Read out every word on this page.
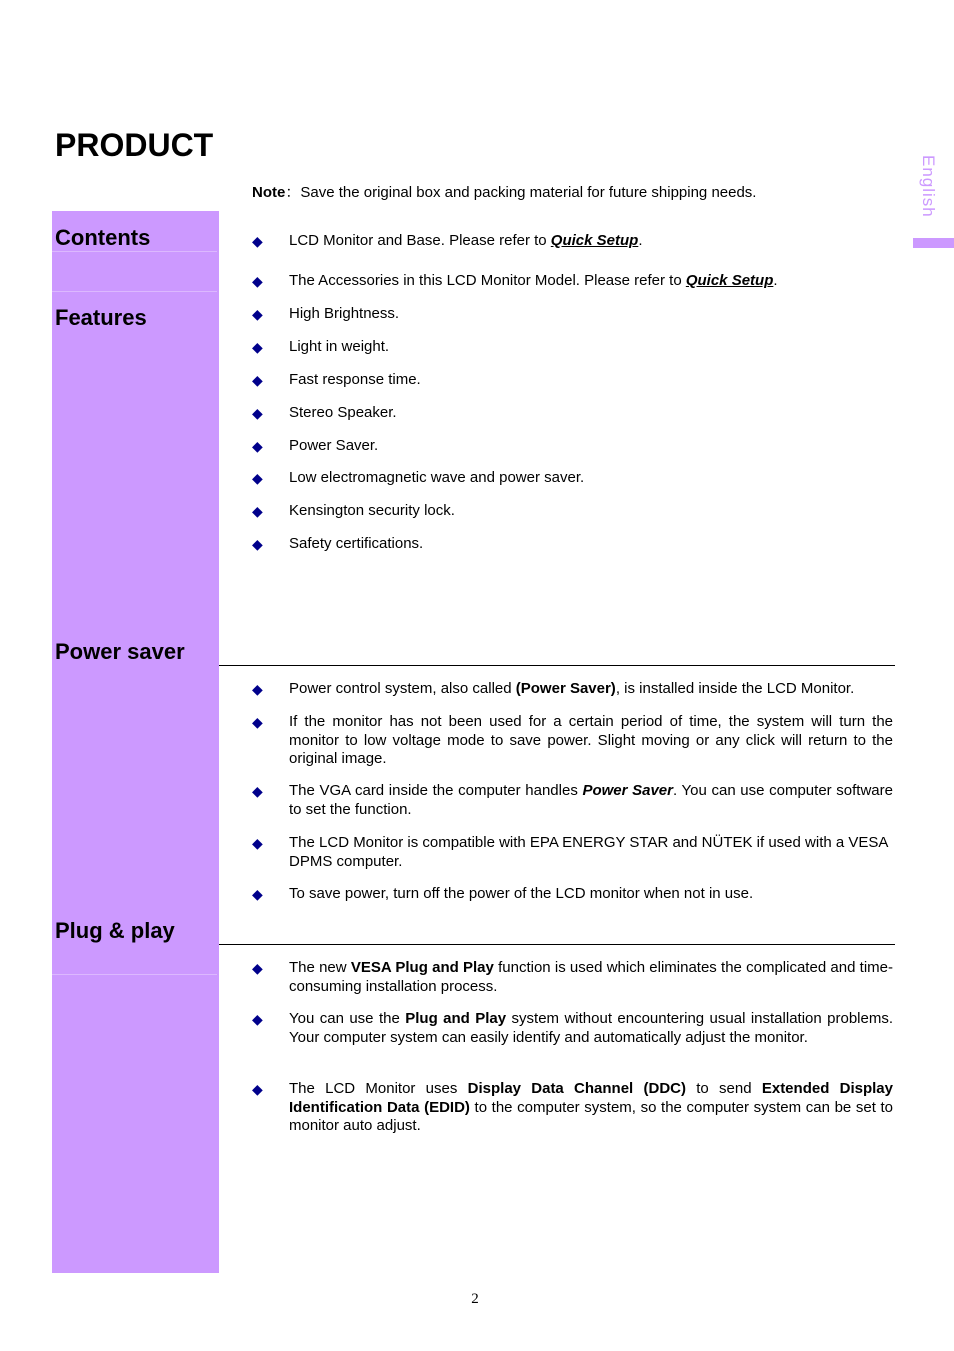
PRODUCT
English
Contents
Features
Power saver
Plug & play
Note：Save the original box and packing material for future shipping needs.
◆	LCD Monitor and Base. Please refer to Quick Setup.
◆	The Accessories in this LCD Monitor Model. Please refer to Quick Setup.
◆	High Brightness.
◆	Light in weight.
◆	Fast response time.
◆	Stereo Speaker.
◆	Power Saver.
◆	Low electromagnetic wave and power saver.
◆	Kensington security lock.
◆	Safety certifications.
◆	Power control system, also called (Power Saver), is installed inside the LCD Monitor.
◆	If the monitor has not been used for a certain period of time, the system will turn the monitor to low voltage mode to save power. Slight moving or any click will return to the original image.
◆	The VGA card inside the computer handles Power Saver. You can use computer software to set the function.
◆	The LCD Monitor is compatible with EPA ENERGY STAR and NÜTEK if used with a VESA DPMS computer.
◆	To save power, turn off the power of the LCD monitor when not in use.
◆	The new VESA Plug and Play function is used which eliminates the complicated and time-consuming installation process.
◆	You can use the Plug and Play system without encountering usual installation problems. Your computer system can easily identify and automatically adjust the monitor.
◆	The LCD Monitor uses Display Data Channel (DDC) to send Extended Display Identification Data (EDID) to the computer system, so the computer system can be set to monitor auto adjust.
2
